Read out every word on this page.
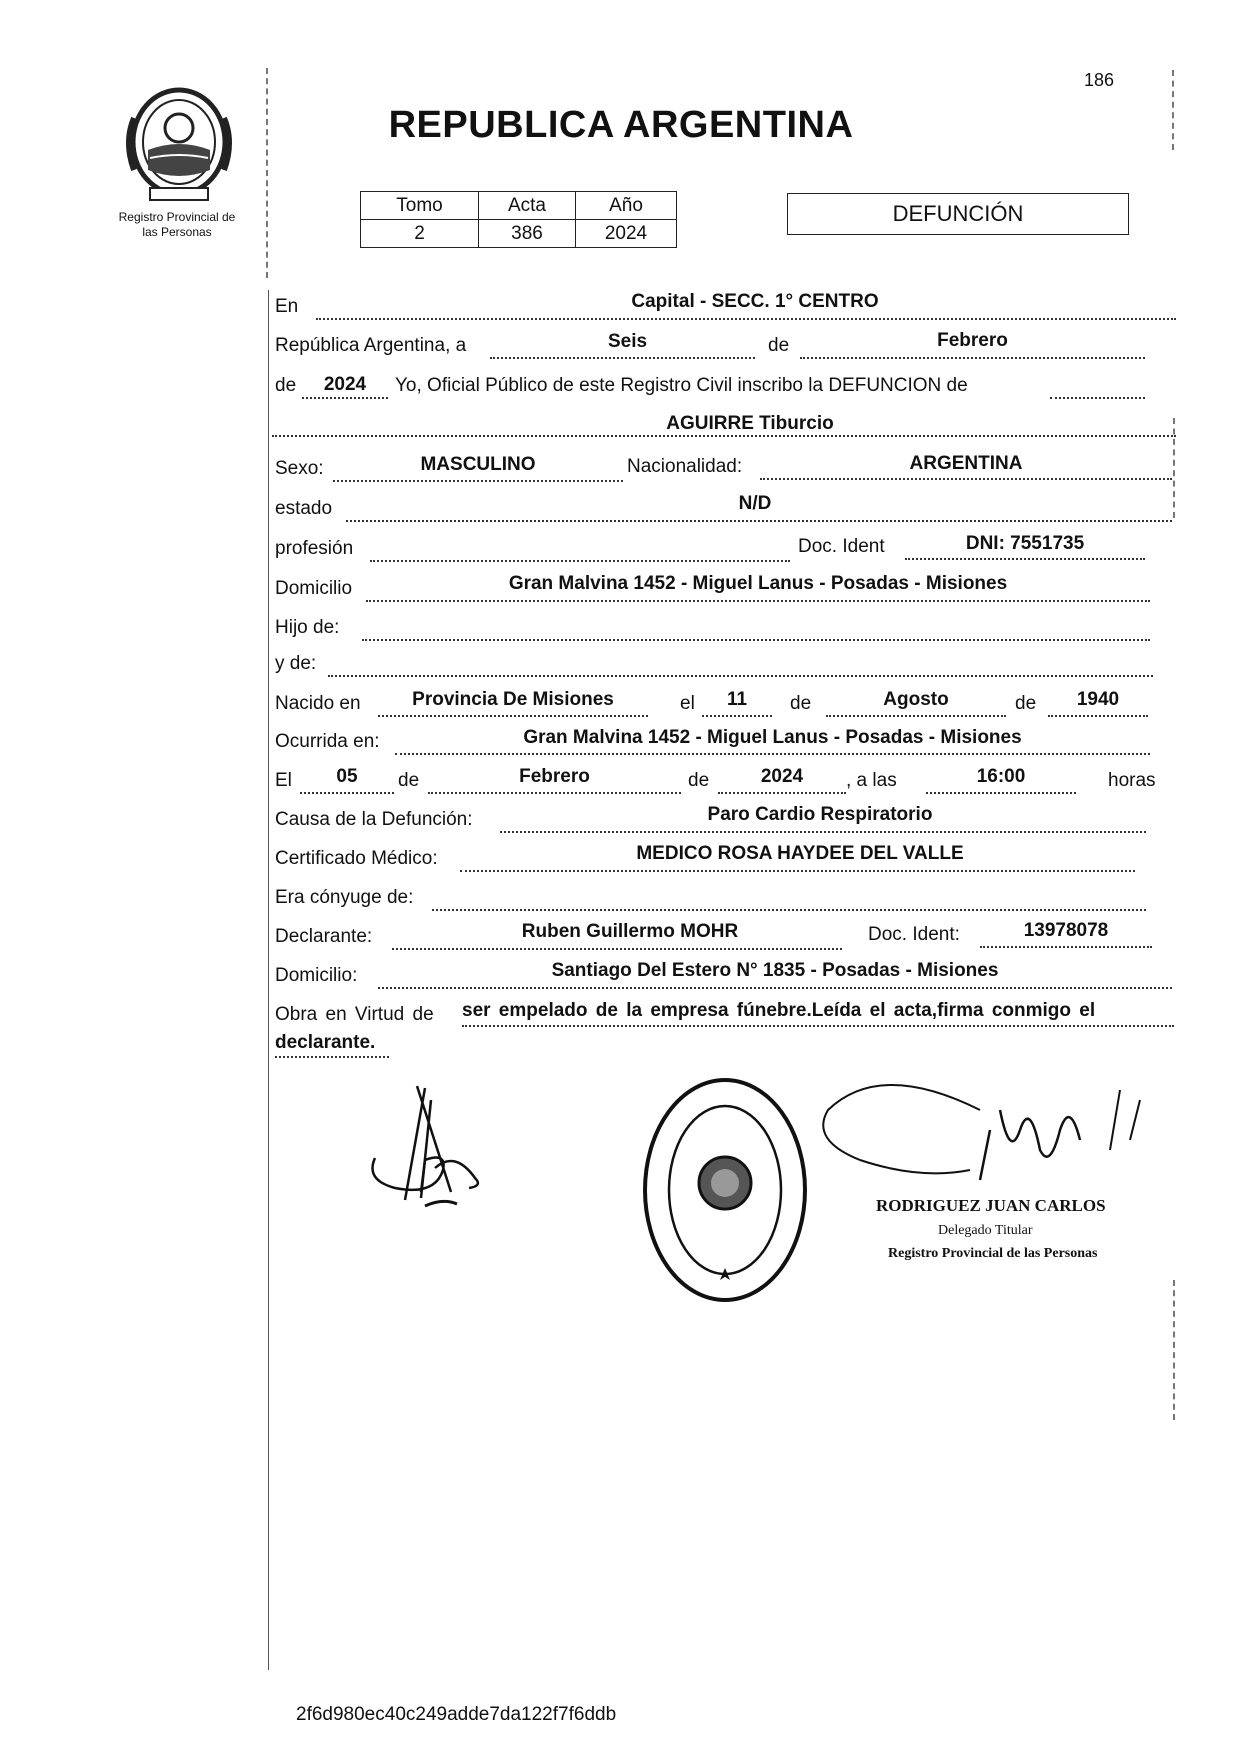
186
Registro Provincial de
las Personas
REPUBLICA ARGENTINA
Tomo	Acta	Año
2	386	2024
DEFUNCIÓN
En	Capital - SECC. 1° CENTRO
República Argentina, a	Seis	de	Febrero
de	2024	Yo, Oficial Público de este Registro Civil inscribo la DEFUNCION de
AGUIRRE Tiburcio
Sexo:	MASCULINO	Nacionalidad:	ARGENTINA
estado	N/D
profesión	Doc. Ident	DNI: 7551735
Domicilio	Gran Malvina 1452 - Miguel Lanus - Posadas - Misiones
Hijo de:
y de:
Nacido en	Provincia De Misiones	el	11	de	Agosto	de	1940
Ocurrida en:	Gran Malvina 1452 - Miguel Lanus - Posadas - Misiones
El	05	de	Febrero	de	2024	, a las	16:00	horas
Causa de la Defunción:	Paro Cardio Respiratorio
Certificado Médico:	MEDICO ROSA HAYDEE DEL VALLE
Era cónyuge de:
Declarante:	Ruben Guillermo MOHR	Doc. Ident:	13978078
Domicilio:	Santiago Del Estero N° 1835 - Posadas - Misiones
Obra en Virtud de ser empelado de la empresa fúnebre.Leída el acta,firma conmigo el
declarante.
RODRIGUEZ JUAN CARLOS
Delegado Titular
Registro Provincial de las Personas
2f6d980ec40c249adde7da122f7f6ddb
